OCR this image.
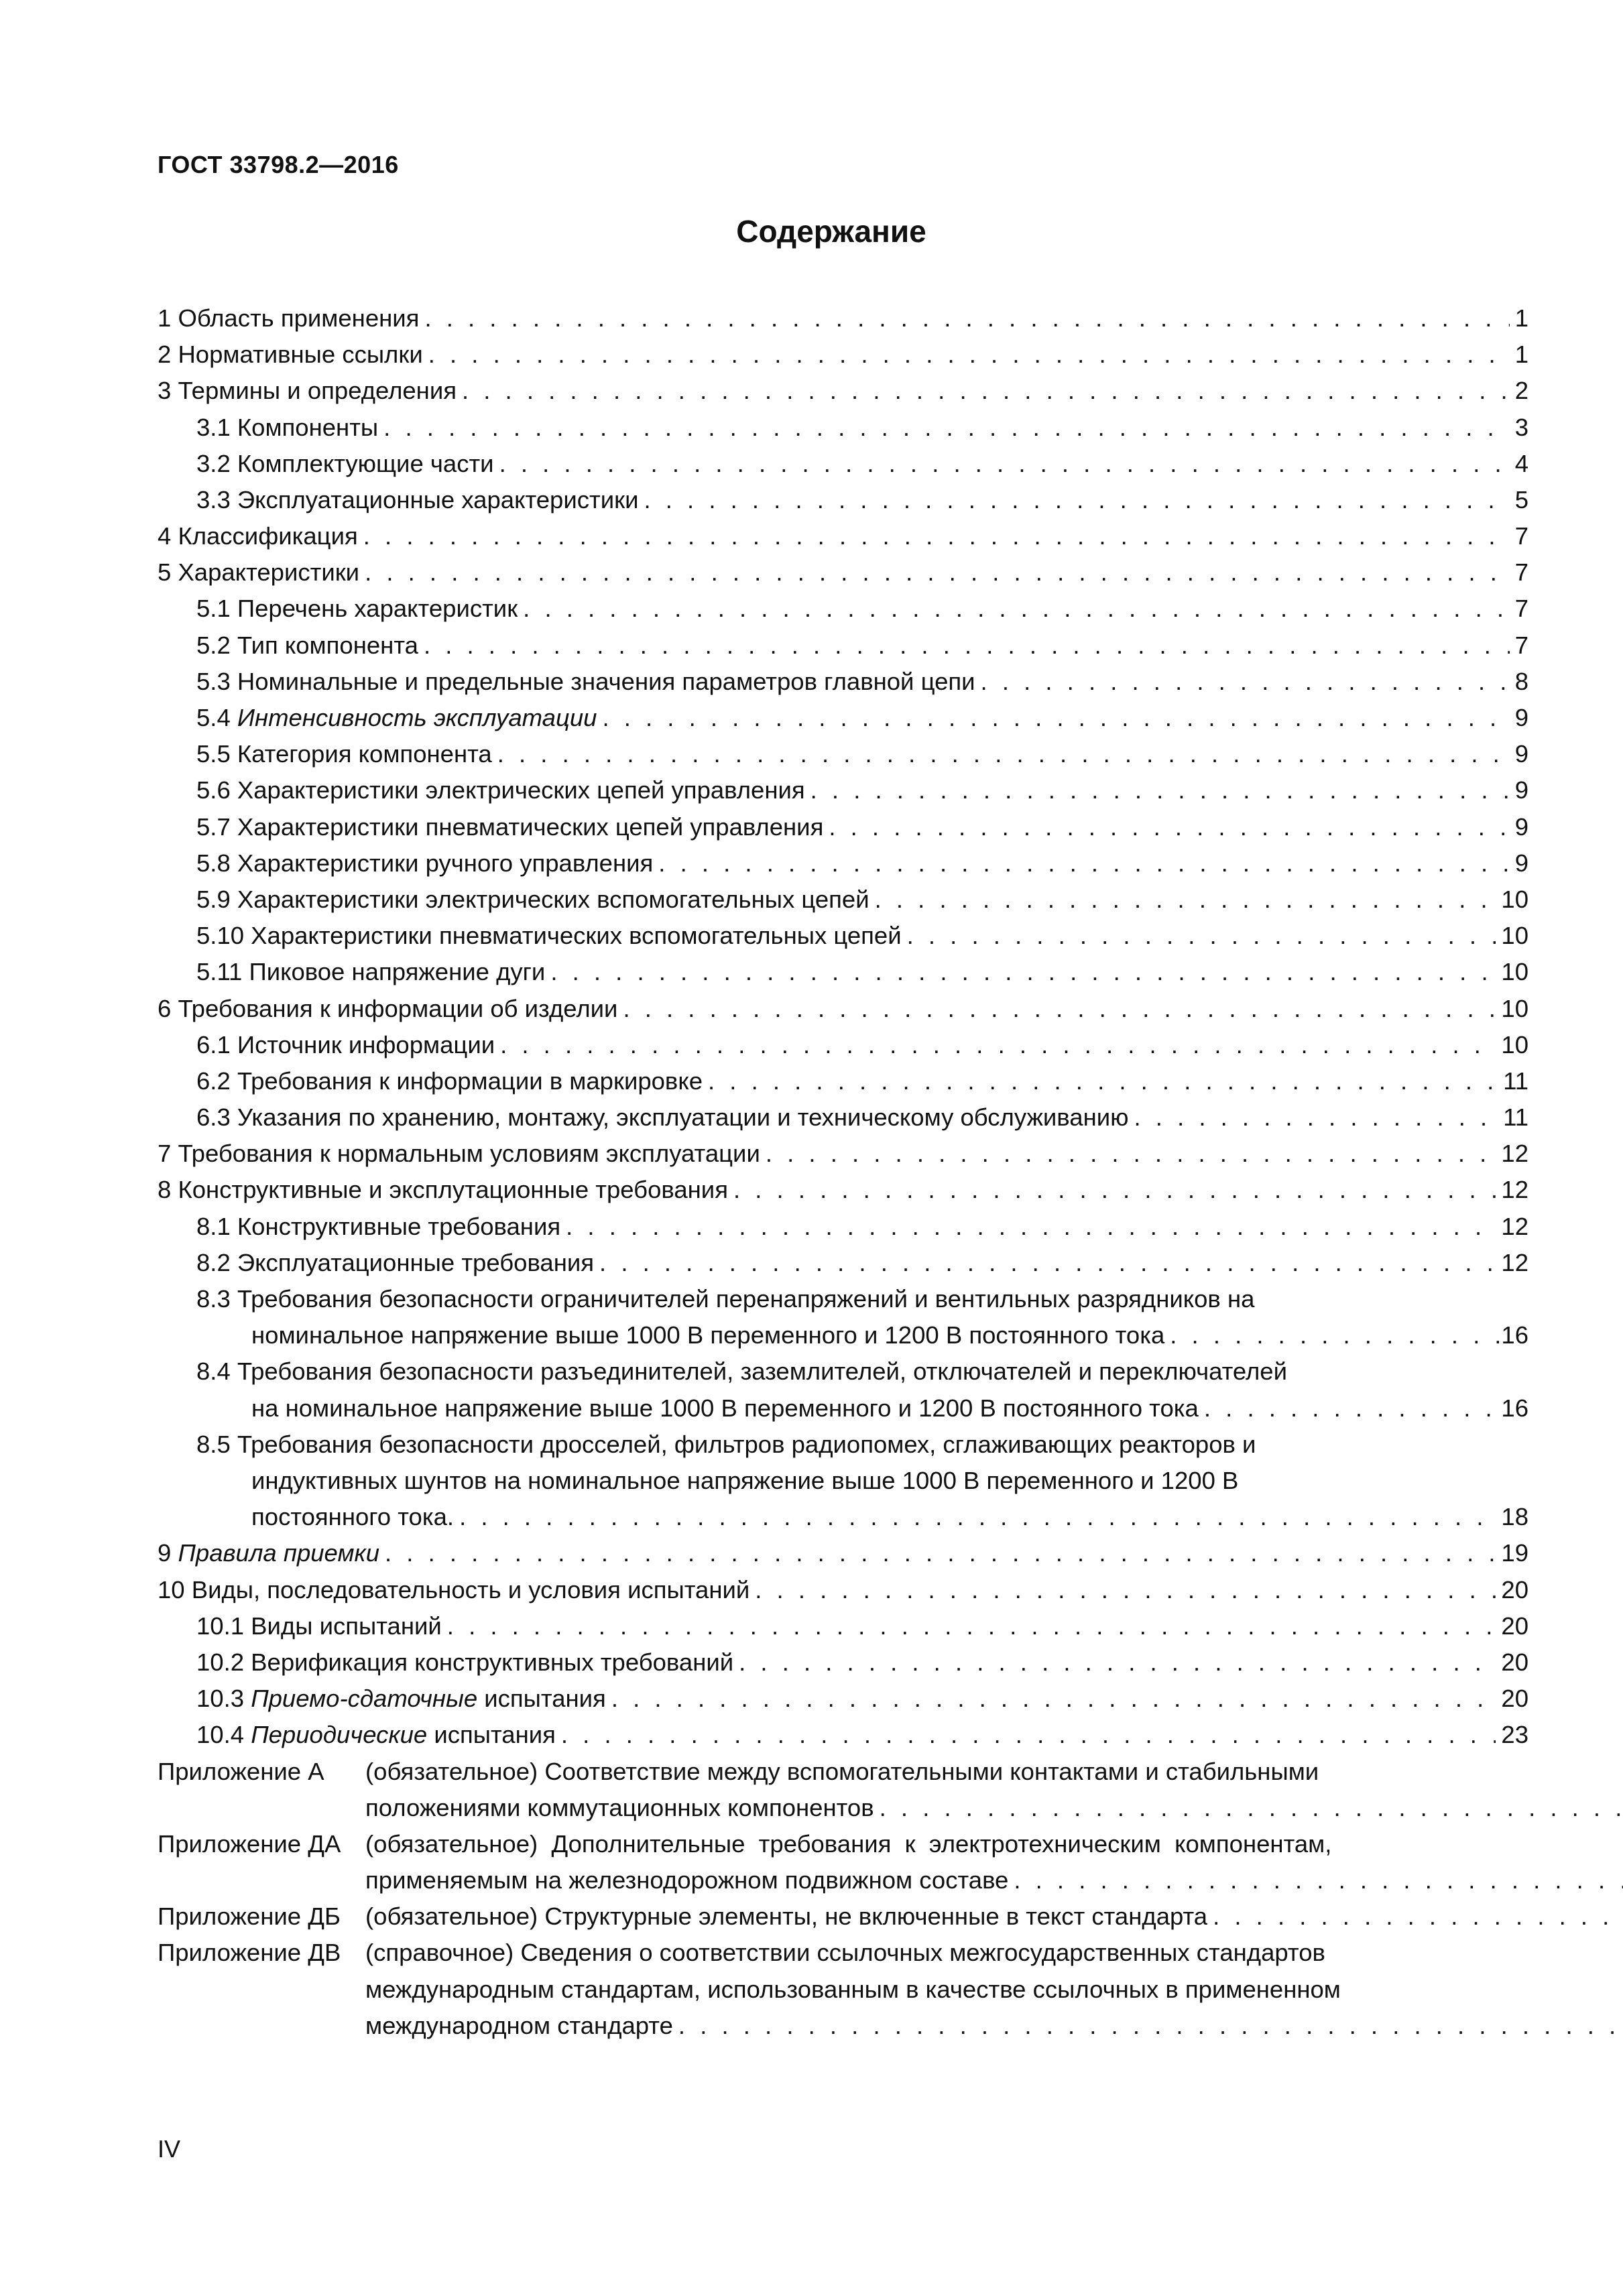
ГОСТ 33798.2—2016
Содержание
1 Область применения . . .	1
2 Нормативные ссылки . . .	1
3 Термины и определения . . .	2
3.1 Компоненты . . .	3
3.2 Комплектующие части . . .	4
3.3 Эксплуатационные характеристики . . .	5
4 Классификация . . .	7
5 Характеристики . . .	7
5.1 Перечень характеристик . . .	7
5.2 Тип компонента . . .	7
5.3 Номинальные и предельные значения параметров главной цепи . . .	8
5.4 Интенсивность эксплуатации . . .	9
5.5 Категория компонента . . .	9
5.6 Характеристики электрических цепей управления . . .	9
5.7 Характеристики пневматических цепей управления . . .	9
5.8 Характеристики ручного управления . . .	9
5.9 Характеристики электрических вспомогательных цепей . . .	10
5.10 Характеристики пневматических вспомогательных цепей . . .	10
5.11 Пиковое напряжение дуги . . .	10
6 Требования к информации об изделии . . .	10
6.1 Источник информации . . .	10
6.2 Требования к информации в маркировке . . .	11
6.3 Указания по хранению, монтажу, эксплуатации и техническому обслуживанию . . .	11
7 Требования к нормальным условиям эксплуатации . . .	12
8 Конструктивные и эксплутационные требования . . .	12
8.1 Конструктивные требования . . .	12
8.2 Эксплуатационные требования . . .	12
8.3 Требования безопасности ограничителей перенапряжений и вентильных разрядников на
номинальное напряжение выше 1000 В переменного и 1200 В постоянного тока . . .	.16
8.4 Требования безопасности разъединителей, заземлителей, отключателей и переключателей
на номинальное напряжение выше 1000 В переменного и 1200 В постоянного тока . . .	16
8.5 Требования безопасности дросселей, фильтров радиопомех, сглаживающих реакторов и
индуктивных шунтов на номинальное напряжение выше 1000 В переменного и 1200 В
постоянного тока. . . .	18
9 Правила приемки . . .	19
10 Виды, последовательность и условия испытаний . . .	20
10.1 Виды испытаний . . .	20
10.2 Верификация конструктивных требований . . .	20
10.3 Приемо-сдаточные испытания . . .	20
10.4 Периодические испытания . . .	23
Приложение А	(обязательное) Соответствие между вспомогательными контактами и стабильными
положениями коммутационных компонентов
. . .
Приложение ДА	(обязательное)  Дополнительные  требования  к  электротехническим  компонентам,
применяемым на железнодорожном подвижном составе
. . .
Приложение ДБ	(обязательное) Структурные элементы, не включенные в текст стандарта
. . .
Приложение ДВ	(справочное) Сведения о соответствии ссылочных межгосударственных стандартов
международным стандартам, использованным в качестве ссылочных в примененном
международном стандарте
. . .
IV
